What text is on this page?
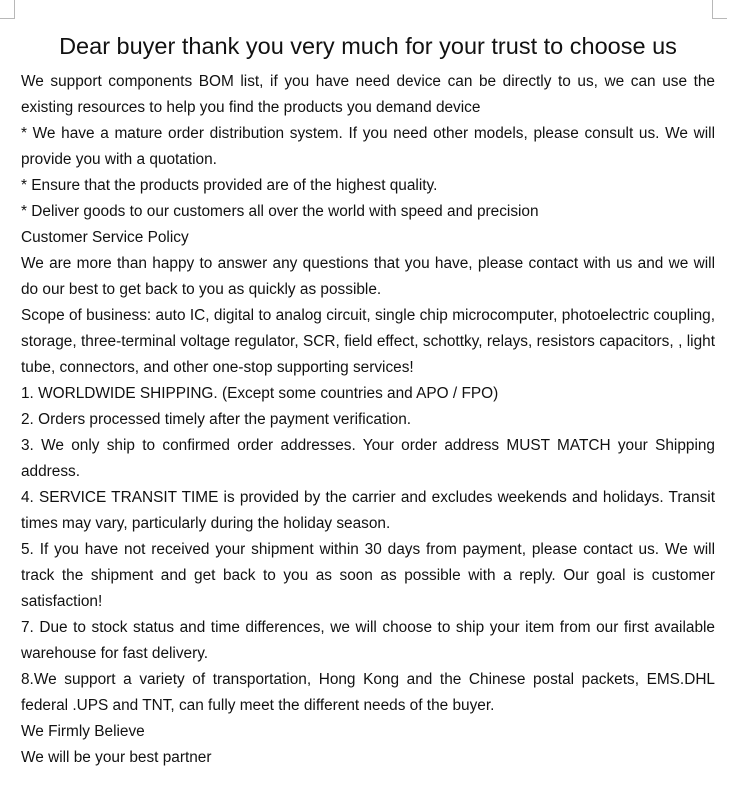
Dear buyer thank you very much for your trust to choose us

We support components BOM list, if you have need device can be directly to us, we can use the existing resources to help you find the products you demand device

* We have a mature order distribution system. If you need other models, please consult us. We will provide you with a quotation.

* Ensure that the products provided are of the highest quality.

* Deliver goods to our customers all over the world with speed and precision

Customer Service Policy

We are more than happy to answer any questions that you have, please contact with us and we will do our best to get back to you as quickly as possible.

Scope of business: auto IC, digital to analog circuit, single chip microcomputer, photoelectric coupling, storage, three-terminal voltage regulator, SCR, field effect, schottky, relays, resistors capacitors, , light tube, connectors, and other one-stop supporting services!

1. WORLDWIDE SHIPPING. (Except some countries and APO / FPO)

2. Orders processed timely after the payment verification.

3. We only ship to confirmed order addresses. Your order address MUST MATCH your Shipping address.

4. SERVICE TRANSIT TIME is provided by the carrier and excludes weekends and holidays. Transit times may vary, particularly during the holiday season.

5. If you have not received your shipment within 30 days from payment, please contact us. We will track the shipment and get back to you as soon as possible with a reply. Our goal is customer satisfaction!

7. Due to stock status and time differences, we will choose to ship your item from our first available warehouse for fast delivery.

8.We support a variety of transportation, Hong Kong and the Chinese postal packets, EMS.DHL federal .UPS and TNT, can fully meet the different needs of the buyer.

We Firmly Believe

We will be your best partner
